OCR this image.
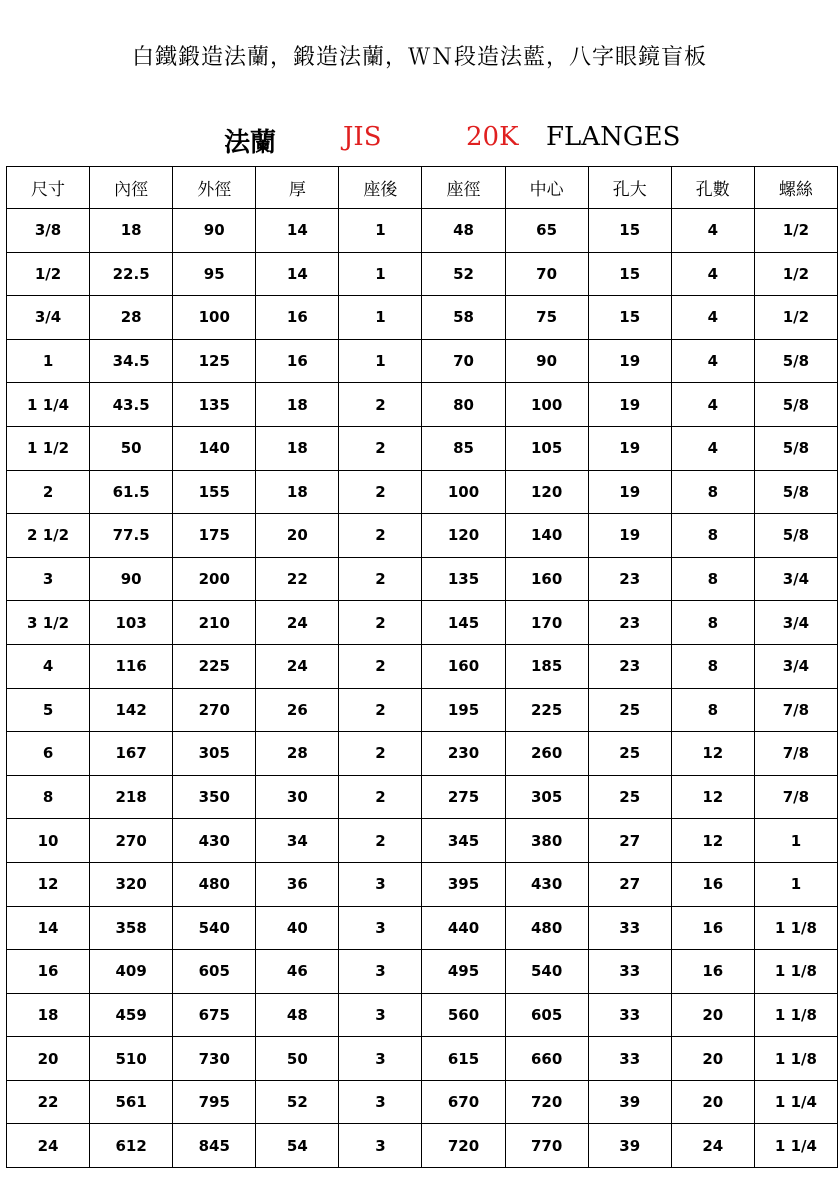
白鐵鍛造法蘭，鍛造法蘭，ＷＮ段造法藍，八字眼鏡盲板
法蘭	JIS	20K FLANGES
尺寸	內徑	外徑	厚	座後	座徑	中心	孔大	孔數	螺絲
3/8	18	90	14	1	48	65	15	4	1/2
1/2	22.5	95	14	1	52	70	15	4	1/2
3/4	28	100	16	1	58	75	15	4	1/2
1	34.5	125	16	1	70	90	19	4	5/8
1 1/4	43.5	135	18	2	80	100	19	4	5/8
1 1/2	50	140	18	2	85	105	19	4	5/8
2	61.5	155	18	2	100	120	19	8	5/8
2 1/2	77.5	175	20	2	120	140	19	8	5/8
3	90	200	22	2	135	160	23	8	3/4
3 1/2	103	210	24	2	145	170	23	8	3/4
4	116	225	24	2	160	185	23	8	3/4
5	142	270	26	2	195	225	25	8	7/8
6	167	305	28	2	230	260	25	12	7/8
8	218	350	30	2	275	305	25	12	7/8
10	270	430	34	2	345	380	27	12	1
12	320	480	36	3	395	430	27	16	1
14	358	540	40	3	440	480	33	16	1 1/8
16	409	605	46	3	495	540	33	16	1 1/8
18	459	675	48	3	560	605	33	20	1 1/8
20	510	730	50	3	615	660	33	20	1 1/8
22	561	795	52	3	670	720	39	20	1 1/4
24	612	845	54	3	720	770	39	24	1 1/4
